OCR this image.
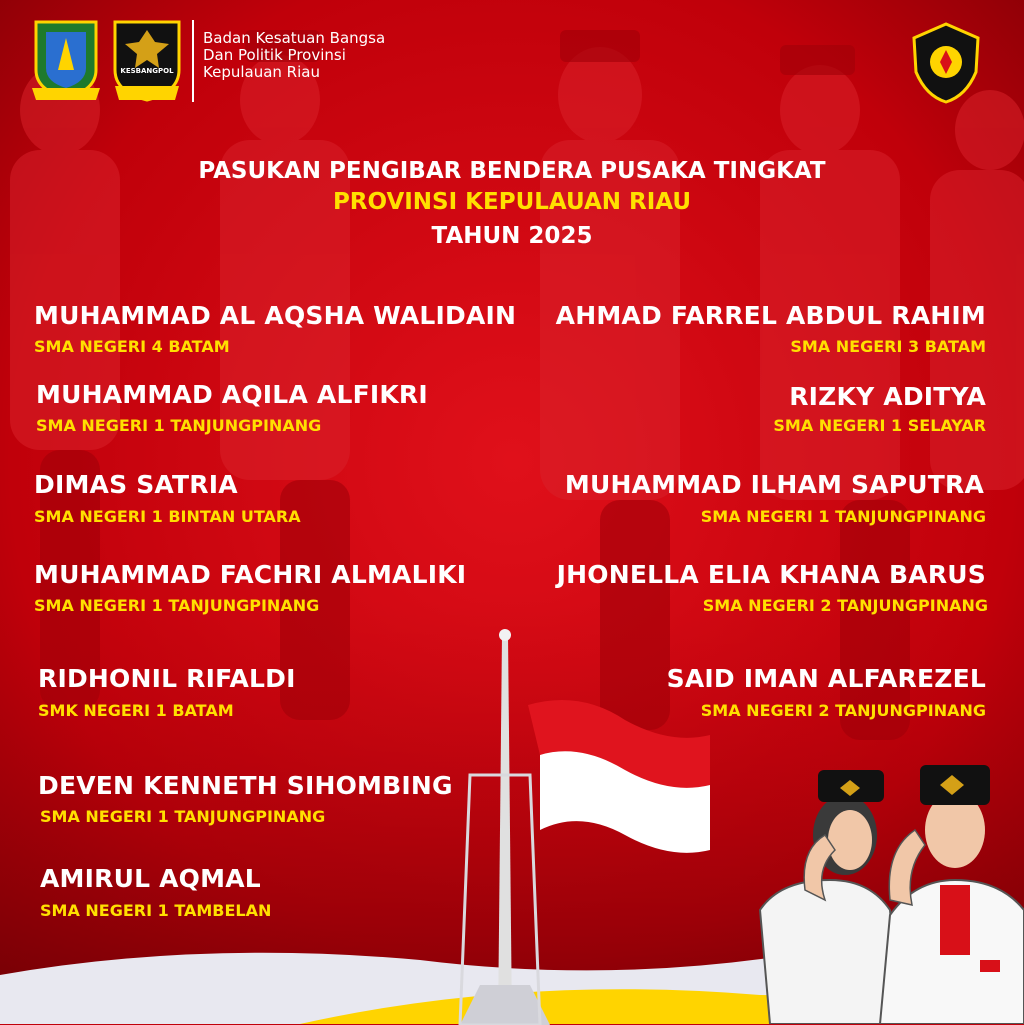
KESBANGPOL
Badan Kesatuan Bangsa
Dan Politik Provinsi
Kepulauan Riau
PASUKAN PENGIBAR BENDERA PUSAKA TINGKAT
PROVINSI KEPULAUAN RIAU
TAHUN 2025
MUHAMMAD AL AQSHA WALIDAIN
SMA NEGERI 4 BATAM
MUHAMMAD AQILA ALFIKRI
SMA NEGERI 1 TANJUNGPINANG
DIMAS SATRIA
SMA NEGERI 1 BINTAN UTARA
MUHAMMAD FACHRI ALMALIKI
SMA NEGERI 1 TANJUNGPINANG
RIDHONIL RIFALDI
SMK NEGERI 1 BATAM
DEVEN KENNETH SIHOMBING
SMA NEGERI 1 TANJUNGPINANG
AMIRUL AQMAL
SMA NEGERI 1 TAMBELAN
AHMAD FARREL ABDUL RAHIM
SMA NEGERI 3 BATAM
RIZKY ADITYA
SMA NEGERI 1 SELAYAR
MUHAMMAD ILHAM SAPUTRA
SMA NEGERI 1 TANJUNGPINANG
JHONELLA ELIA KHANA BARUS
SMA NEGERI 2 TANJUNGPINANG
SAID IMAN ALFAREZEL
SMA NEGERI 2 TANJUNGPINANG
